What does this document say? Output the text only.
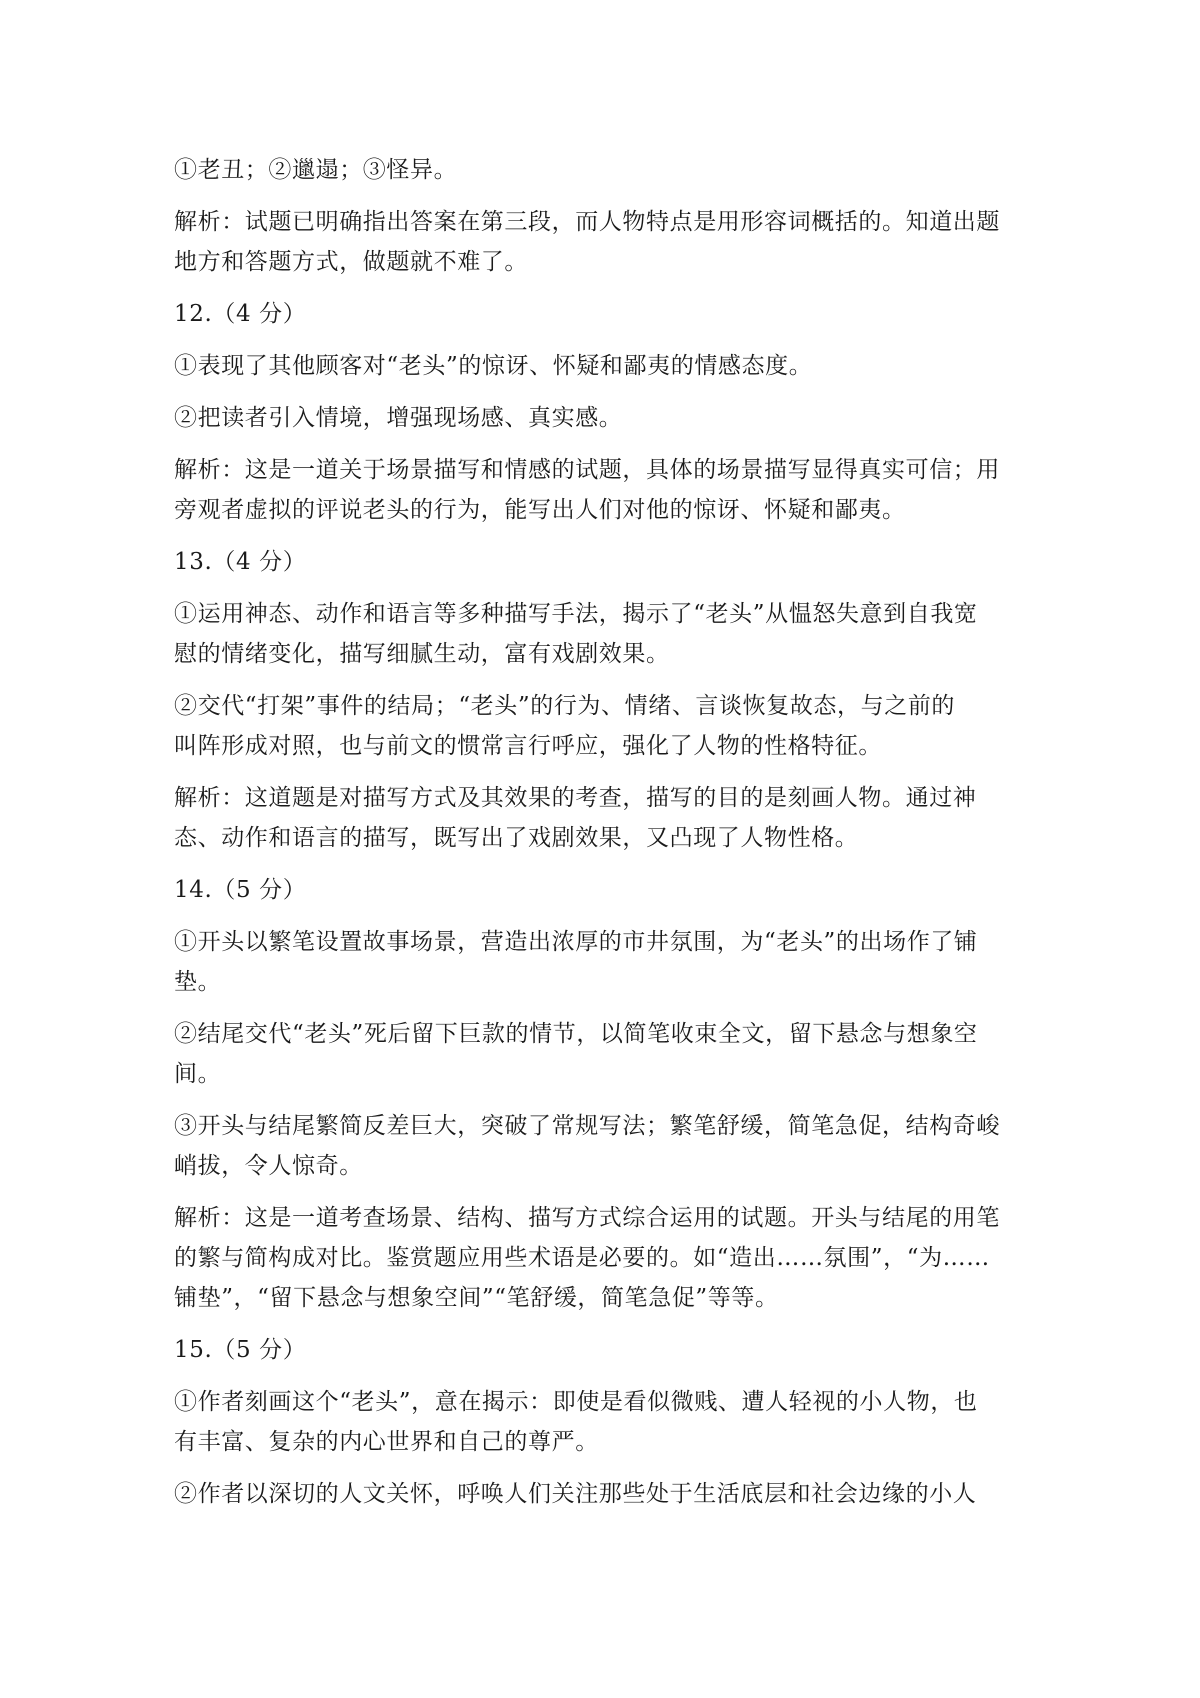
①老丑；②邋遢；③怪异。
解析：试题已明确指出答案在第三段，而人物特点是用形容词概括的。知道出题
地方和答题方式，做题就不难了。
12.（4 分）
①表现了其他顾客对“老头”的惊讶、怀疑和鄙夷的情感态度。
②把读者引入情境，增强现场感、真实感。
解析：这是一道关于场景描写和情感的试题，具体的场景描写显得真实可信；用
旁观者虚拟的评说老头的行为，能写出人们对他的惊讶、怀疑和鄙夷。
13.（4 分）
①运用神态、动作和语言等多种描写手法，揭示了“老头”从愠怒失意到自我宽
慰的情绪变化，描写细腻生动，富有戏剧效果。
②交代“打架”事件的结局；“老头”的行为、情绪、言谈恢复故态，与之前的
叫阵形成对照，也与前文的惯常言行呼应，强化了人物的性格特征。
解析：这道题是对描写方式及其效果的考查，描写的目的是刻画人物。通过神
态、动作和语言的描写，既写出了戏剧效果，又凸现了人物性格。
14.（5 分）
①开头以繁笔设置故事场景，营造出浓厚的市井氛围，为“老头”的出场作了铺
垫。
②结尾交代“老头”死后留下巨款的情节，以简笔收束全文，留下悬念与想象空
间。
③开头与结尾繁简反差巨大，突破了常规写法；繁笔舒缓，简笔急促，结构奇峻
峭拔，令人惊奇。
解析：这是一道考查场景、结构、描写方式综合运用的试题。开头与结尾的用笔
的繁与简构成对比。鉴赏题应用些术语是必要的。如“造出……氛围”，“为……
铺垫”，“留下悬念与想象空间”“笔舒缓，简笔急促”等等。
15.（5 分）
①作者刻画这个“老头”，意在揭示：即使是看似微贱、遭人轻视的小人物，也
有丰富、复杂的内心世界和自己的尊严。
②作者以深切的人文关怀，呼唤人们关注那些处于生活底层和社会边缘的小人
